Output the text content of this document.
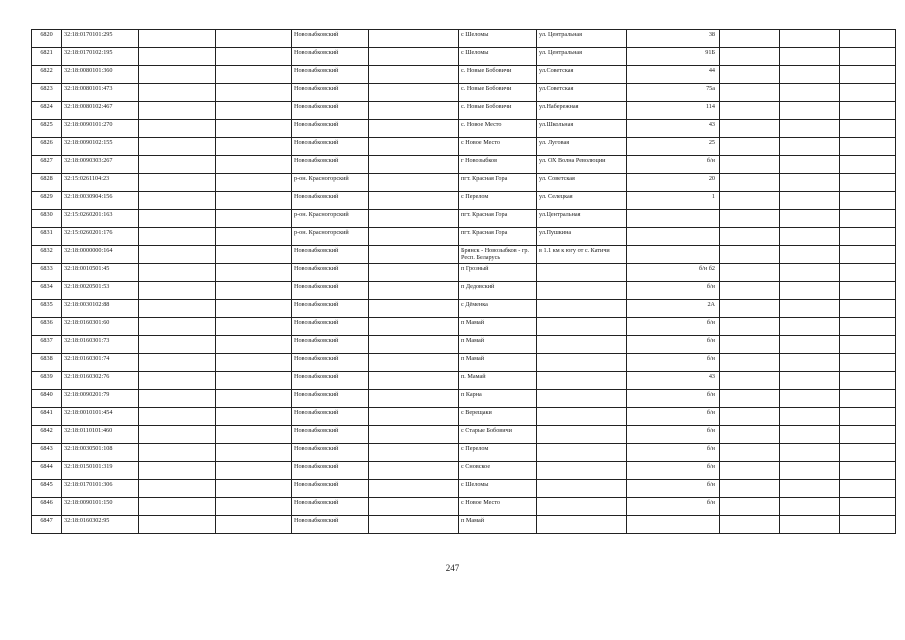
6820	32:18:0170101:295			Новозыбковский		с Шеломы	ул. Центральная	38			
6821	32:18:0170102:195			Новозыбковский		с Шеломы	ул. Центральная	91Б			
6822	32:18:0080101:360			Новозыбковский		с. Новые Бобовичи	ул.Советская	44			
6823	32:18:0080101:473			Новозыбковский		с. Новые Бобовичи	ул.Советская	75а			
6824	32:18:0080102:467			Новозыбковский		с. Новые Бобовичи	ул.Набережная	114			
6825	32:18:0090101:270			Новозыбковский		с. Новое Место	ул.Школьная	43			
6826	32:18:0090102:155			Новозыбковский		с Новое Место	ул. Луговая	25			
6827	32:18:0090303:267			Новозыбковский		г Новозыбков	ул. ОХ Волна Революции	б/н			
6828	32:15:0261104:23			р-он. Красногорский		пгт. Красная Гора	ул. Советская	20			
6829	32:18:0030904:156			Новозыбковский		с Перелом	ул. Селецкая	1			
6830	32:15:0260201:163			р-он. Красногорский		пгт. Красная Гора	ул.Центральная				
6831	32:15:0260201:176			р-он. Красногорский		пгт. Красная Гора	ул.Пушкина				
6832	32:18:0000000:164			Новозыбковский		Брянск - Новозыбков - гр. Респ. Беларусь	в 1.1 км к югу от с. Катичи				
6833	32:18:0010501:45			Новозыбковский		п Грозный		б/н б2			
6834	32:18:0020501:53			Новозыбковский		п Дедовский		б/н			
6835	32:18:0030102:88			Новозыбковский		с Дёменка		2А			
6836	32:18:0160301:60			Новозыбковский		п Мамай		б/н			
6837	32:18:0160301:73			Новозыбковский		п Мамай		б/н			
6838	32:18:0160301:74			Новозыбковский		п Мамай		б/н			
6839	32:18:0160302:76			Новозыбковский		п. Мамай		43			
6840	32:18:0090201:79			Новозыбковский		п Карна		б/н			
6841	32:18:0010101:454			Новозыбковский		с Верещаки		б/н			
6842	32:18:0110101:460			Новозыбковский		с Старые Бобовичи		б/н			
6843	32:18:0030501:108			Новозыбковский		с Перелом		б/н			
6844	32:18:0150101:319			Новозыбковский		с Сновское		б/н			
6845	32:18:0170101:306			Новозыбковский		с Шеломы		б/н			
6846	32:18:0090101:150			Новозыбковский		с Новое Место		б/н			
6847	32:18:0160302:95			Новозыбковский		п Мамай					
247
